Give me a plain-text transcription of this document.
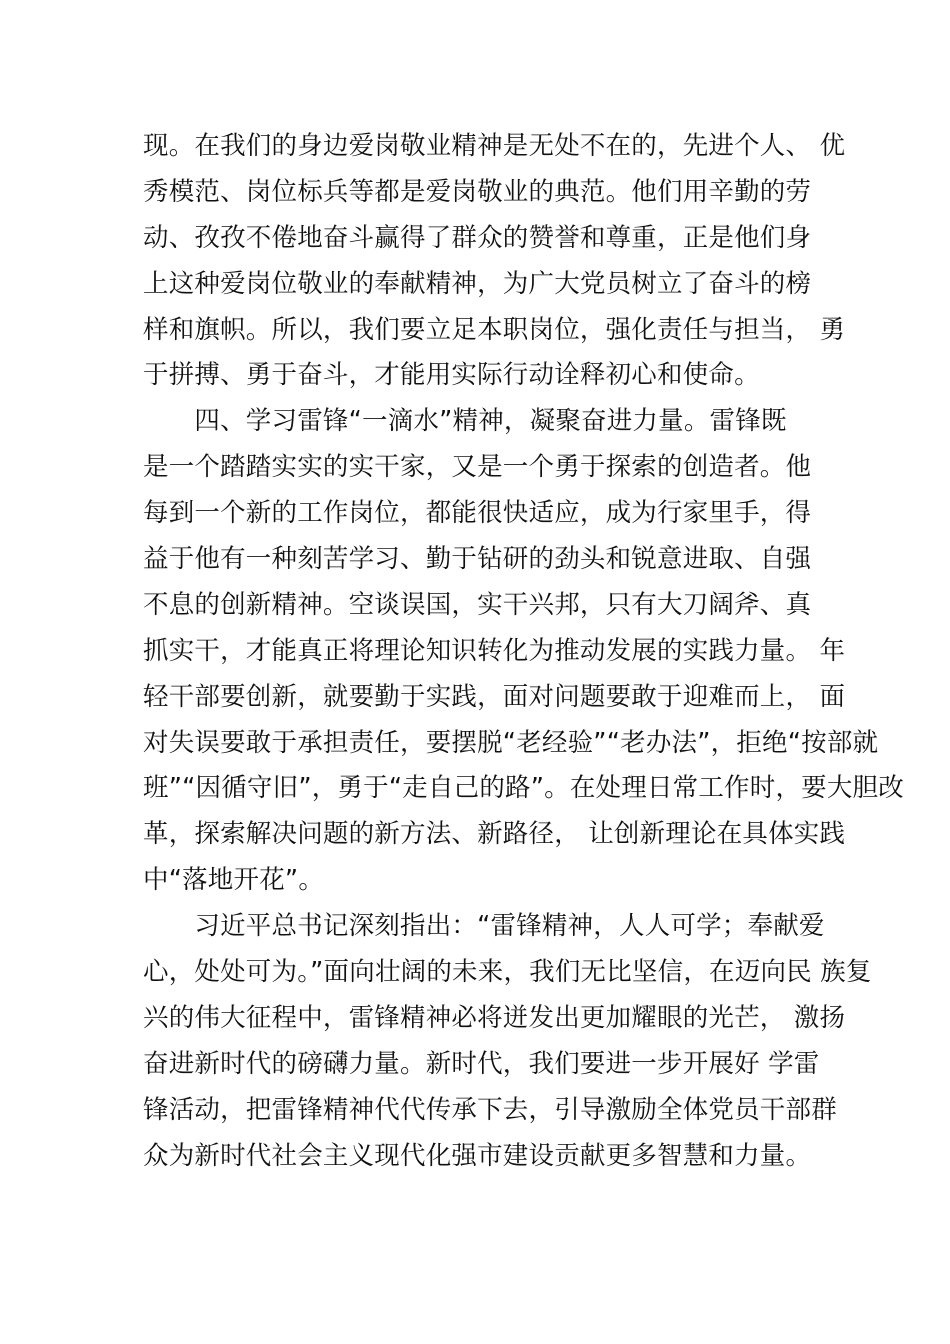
现。在我们的身边爱岗敬业精神是无处不在的，先进个人、 优
秀模范、岗位标兵等都是爱岗敬业的典范。他们用辛勤的劳
动、孜孜不倦地奋斗赢得了群众的赞誉和尊重，正是他们身
上这种爱岗位敬业的奉献精神，为广大党员树立了奋斗的榜
样和旗帜。所以，我们要立足本职岗位，强化责任与担当， 勇
于拼搏、勇于奋斗，才能用实际行动诠释初心和使命。
　　四、学习雷锋“一滴水”精神，凝聚奋进力量。雷锋既
是一个踏踏实实的实干家，又是一个勇于探索的创造者。他
每到一个新的工作岗位，都能很快适应，成为行家里手，得
益于他有一种刻苦学习、勤于钻研的劲头和锐意进取、自强
不息的创新精神。空谈误国，实干兴邦，只有大刀阔斧、真
抓实干，才能真正将理论知识转化为推动发展的实践力量。 年
轻干部要创新，就要勤于实践，面对问题要敢于迎难而上， 面
对失误要敢于承担责任，要摆脱“老经验”“老办法”，拒绝“按部就
班”“因循守旧”，勇于“走自己的路”。在处理日常工作时，要大胆改
革，探索解决问题的新方法、新路径， 让创新理论在具体实践
中“落地开花”。
　　习近平总书记深刻指出：“雷锋精神，人人可学；奉献爱
心，处处可为。”面向壮阔的未来，我们无比坚信，在迈向民 族复
兴的伟大征程中，雷锋精神必将迸发出更加耀眼的光芒， 激扬
奋进新时代的磅礴力量。新时代，我们要进一步开展好 学雷
锋活动，把雷锋精神代代传承下去，引导激励全体党员干部群
众为新时代社会主义现代化强市建设贡献更多智慧和力量。
